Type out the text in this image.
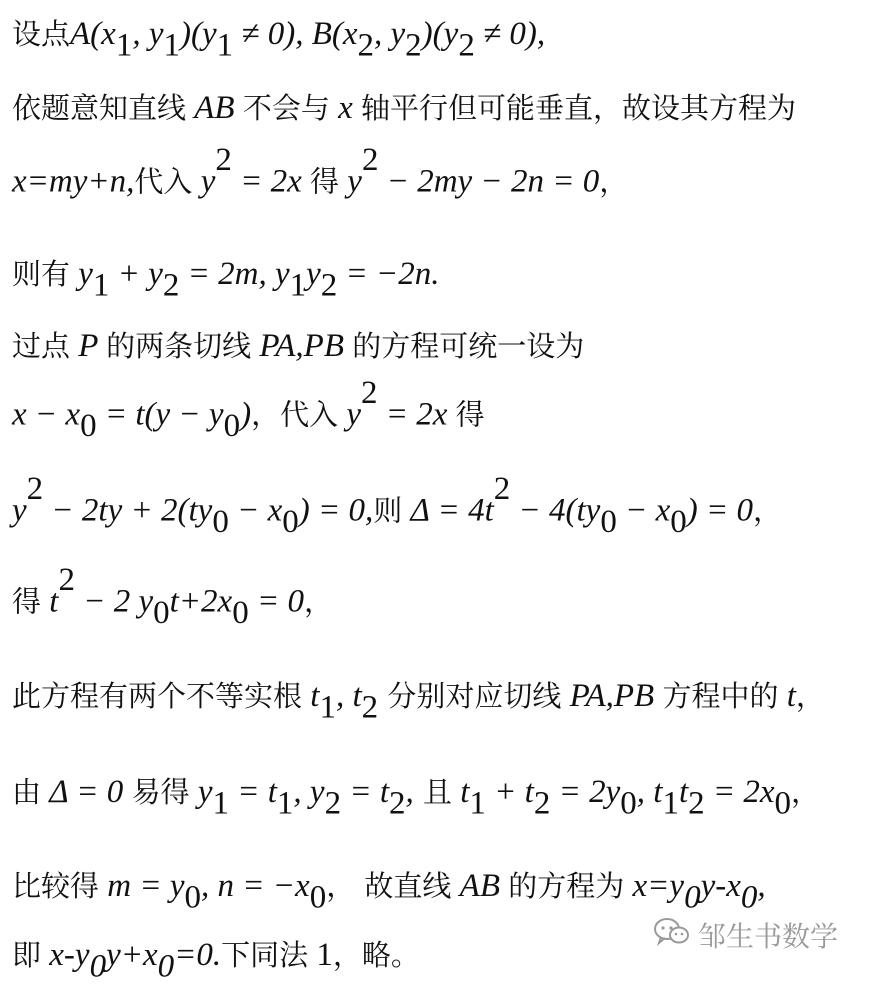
设点$A(x_1$, $y_1)(y_1 \ne 0)$, $B(x_2$, $y_2)(y_2 \ne 0)$,
依题意知直线 AB 不会与 x 轴平行但可能垂直，故设其方程为
x=my+n,代入 $y^2 = 2x$ 得 $y^2 - 2my - 2n = 0$，
则有 $y_1 + y_2 = 2m$, $y_1y_2 = -2n$.
过点 P 的两条切线 PA,PB 的方程可统一设为
$x - x_0 = t(y - y_0)$，代入 $y^2 = 2x$ 得
$y^2 - 2ty + 2(ty_0 - x_0) = 0$,则 $\Delta = 4t^2 - 4(ty_0 - x_0) = 0$，
得 $t^2 - 2$ $y_0t+2x_0 = 0$，
此方程有两个不等实根 $t_1$, $t_2$ 分别对应切线 PA,PB 方程中的 t，
由 Δ = 0 易得 $y_1 = t_1$, $y_2 = t_2$, 且 $t_1 + t_2 = 2y_0$, $t_1t_2 = 2x_0$，
比较得 $m = y_0$, $n = -x_0$， 故直线 AB 的方程为 $x=y_0y-x_0$,
即 $x-y_0y+x_0=0$.下同法 1，略。
邹生书数学
